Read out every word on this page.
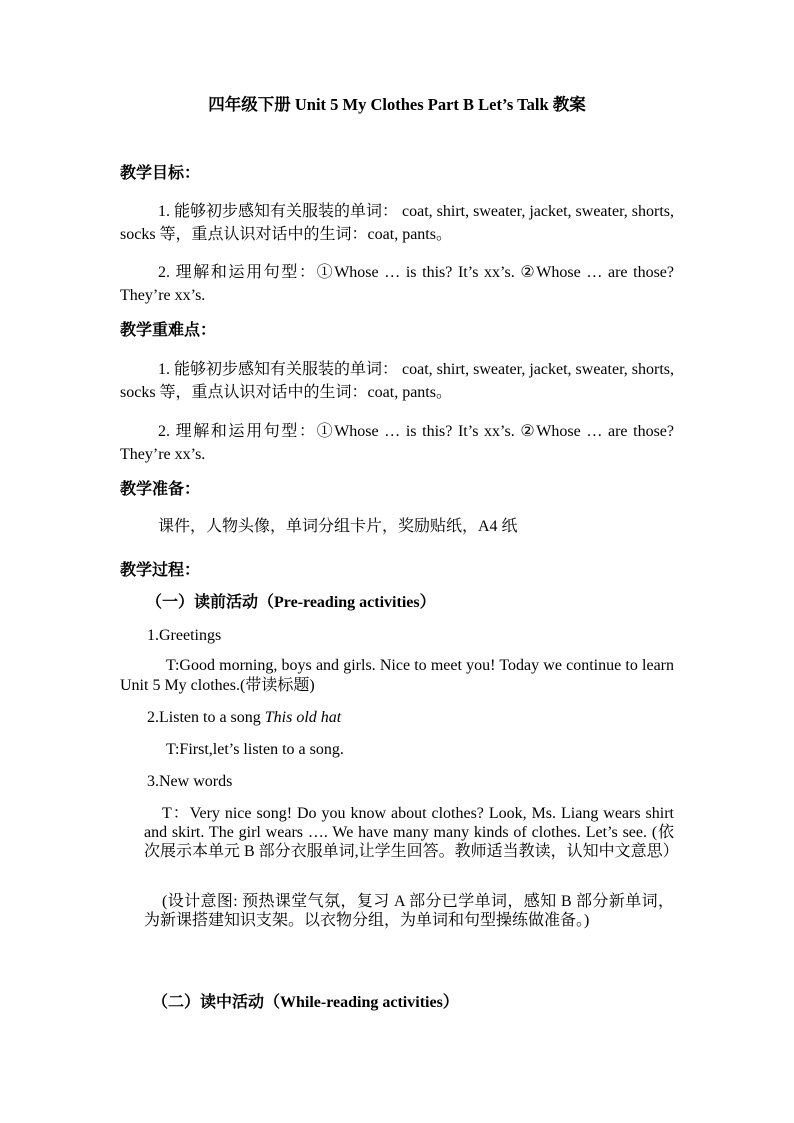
四年级下册 Unit 5 My Clothes Part B Let’s Talk 教案
教学目标：
1. 能够初步感知有关服装的单词： coat, shirt, sweater, jacket, sweater, shorts, socks 等，重点认识对话中的生词：coat, pants。
2. 理解和运用句型：①Whose … is this? It’s xx’s. ②Whose … are those? They’re xx’s.
教学重难点：
1. 能够初步感知有关服装的单词： coat, shirt, sweater, jacket, sweater, shorts, socks 等，重点认识对话中的生词：coat, pants。
2. 理解和运用句型：①Whose … is this? It’s xx’s. ②Whose … are those? They’re xx’s.
教学准备：
课件，人物头像，单词分组卡片，奖励贴纸，A4 纸
教学过程：
（一）读前活动（Pre-reading activities）
1.Greetings
T:Good morning, boys and girls. Nice to meet you! Today we continue to learn Unit 5 My clothes.(带读标题)
2.Listen to a song This old hat
T:First,let’s listen to a song.
3.New words
T：Very nice song! Do you know about clothes? Look, Ms. Liang wears shirt and skirt. The girl wears …. We have many many kinds of clothes. Let’s see. (依次展示本单元 B 部分衣服单词,让学生回答。教师适当教读，认知中文意思）
(设计意图: 预热课堂气氛，复习 A 部分已学单词，感知 B 部分新单词，为新课搭建知识支架。以衣物分组，为单词和句型操练做准备。)
（二）读中活动（While-reading activities）
